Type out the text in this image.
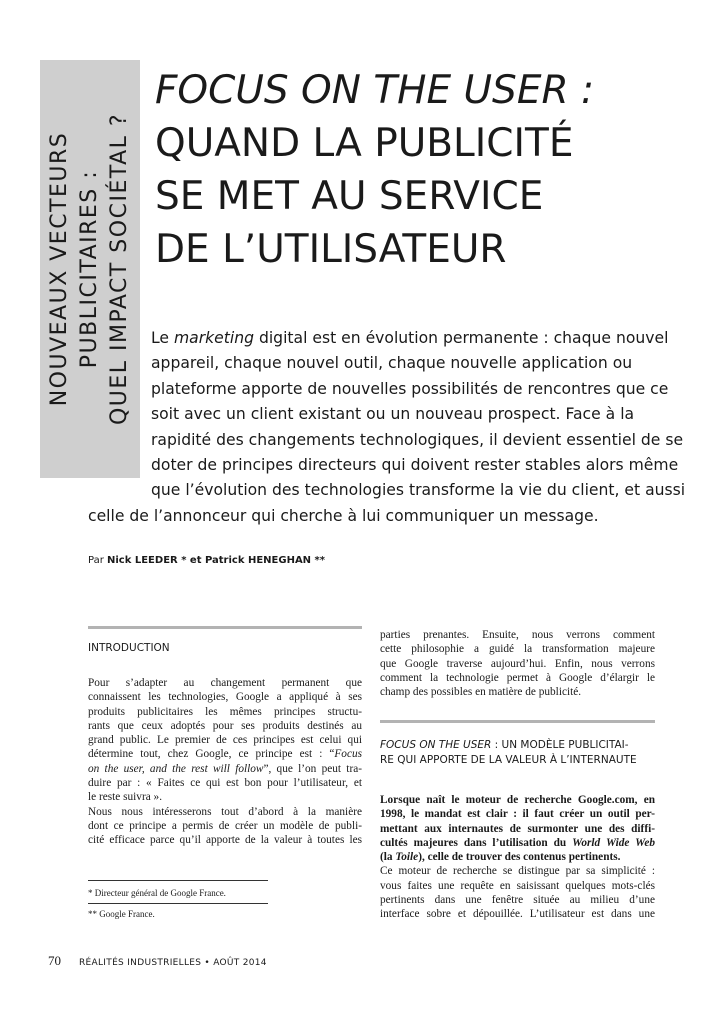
NOUVEAUX VECTEURS PUBLICITAIRES : QUEL IMPACT SOCIÉTAL ?
FOCUS ON THE USER :
QUAND LA PUBLICITÉ
SE MET AU SERVICE
DE L’UTILISATEUR

Le marketing digital est en évolution permanente : chaque nouvel
appareil, chaque nouvel outil, chaque nouvelle application ou
plateforme apporte de nouvelles possibilités de rencontres que ce
soit avec un client existant ou un nouveau prospect. Face à la
rapidité des changements technologiques, il devient essentiel de se
doter de principes directeurs qui doivent rester stables alors même
que l’évolution des technologies transforme la vie du client, et aussi
celle de l’annonceur qui cherche à lui communiquer un message.

Par Nick LEEDER * et Patrick HENEGHAN **

INTRODUCTION

Pour s’adapter au changement permanent que
connaissent les technologies, Google a appliqué à ses
produits publicitaires les mêmes principes structu-
rants que ceux adoptés pour ses produits destinés au
grand public. Le premier de ces principes est celui qui
détermine tout, chez Google, ce principe est : “Focus
on the user, and the rest will follow”, que l’on peut tra-
duire par : « Faites ce qui est bon pour l’utilisateur, et
le reste suivra ».

Nous nous intéresserons tout d’abord à la manière
dont ce principe a permis de créer un modèle de publi-
cité efficace parce qu’il apporte de la valeur à toutes les

* Directeur général de Google France.
** Google France.

parties prenantes. Ensuite, nous verrons comment
cette philosophie a guidé la transformation majeure
que Google traverse aujourd’hui. Enfin, nous verrons
comment la technologie permet à Google d’élargir le
champ des possibles en matière de publicité.

FOCUS ON THE USER : UN MODÈLE PUBLICITAI-
RE QUI APPORTE DE LA VALEUR À L’INTERNAUTE

Lorsque naît le moteur de recherche Google.com, en
1998, le mandat est clair : il faut créer un outil per-
mettant aux internautes de surmonter une des diffi-
cultés majeures dans l’utilisation du World Wide Web
(la Toile), celle de trouver des contenus pertinents.

Ce moteur de recherche se distingue par sa simplicité :
vous faites une requête en saisissant quelques mots-clés
pertinents dans une fenêtre située au milieu d’une
interface sobre et dépouillée. L’utilisateur est dans une

70 RÉALITÉS INDUSTRIELLES • AOÛT 2014
